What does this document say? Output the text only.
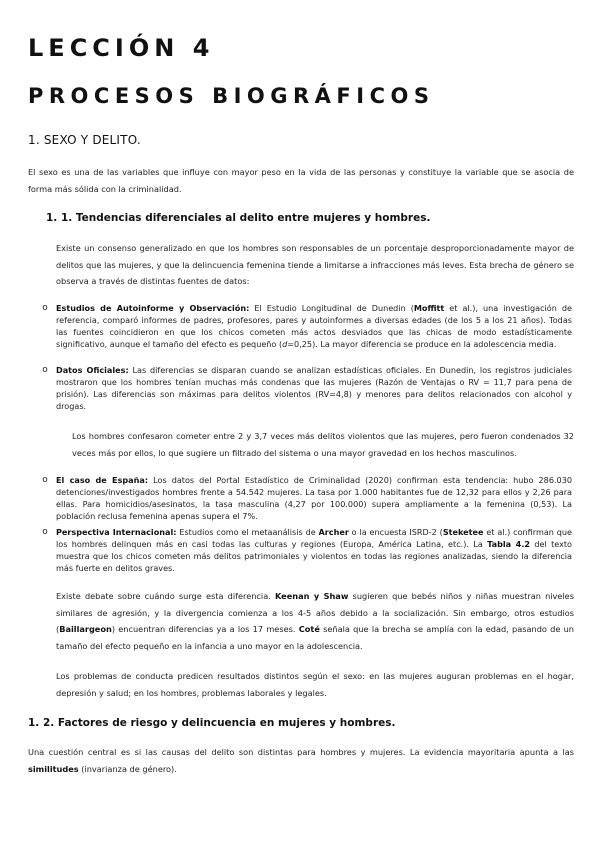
LECCIÓN 4
PROCESOS BIOGRÁFICOS
1. SEXO Y DELITO.

El sexo es una de las variables que influye con mayor peso en la vida de las personas y constituye la variable que se asocia de forma más sólida con la criminalidad.

1. 1. Tendencias diferenciales al delito entre mujeres y hombres.

Existe un consenso generalizado en que los hombres son responsables de un porcentaje desproporcionadamente mayor de delitos que las mujeres, y que la delincuencia femenina tiende a limitarse a infracciones más leves. Esta brecha de género se observa a través de distintas fuentes de datos:

o Estudios de Autoinforme y Observación: El Estudio Longitudinal de Dunedin (Moffitt et al.), una investigación de referencia, comparó informes de padres, profesores, pares y autoinformes a diversas edades (de los 5 a los 21 años). Todas las fuentes coincidieron en que los chicos cometen más actos desviados que las chicas de modo estadísticamente significativo, aunque el tamaño del efecto es pequeño (d=0,25). La mayor diferencia se produce en la adolescencia media.

o Datos Oficiales: Las diferencias se disparan cuando se analizan estadísticas oficiales. En Dunedin, los registros judiciales mostraron que los hombres tenían muchas más condenas que las mujeres (Razón de Ventajas o RV = 11,7 para pena de prisión). Las diferencias son máximas para delitos violentos (RV=4,8) y menores para delitos relacionados con alcohol y drogas.

Los hombres confesaron cometer entre 2 y 3,7 veces más delitos violentos que las mujeres, pero fueron condenados 32 veces más por ellos, lo que sugiere un filtrado del sistema o una mayor gravedad en los hechos masculinos.

o El caso de España: Los datos del Portal Estadístico de Criminalidad (2020) confirman esta tendencia: hubo 286.030 detenciones/investigados hombres frente a 54.542 mujeres. La tasa por 1.000 habitantes fue de 12,32 para ellos y 2,26 para ellas. Para homicidios/asesinatos, la tasa masculina (4,27 por 100.000) supera ampliamente a la femenina (0,53). La población reclusa femenina apenas supera el 7%.

o Perspectiva Internacional: Estudios como el metaanálisis de Archer o la encuesta ISRD-2 (Steketee et al.) confirman que los hombres delinquen más en casi todas las culturas y regiones (Europa, América Latina, etc.). La Tabla 4.2 del texto muestra que los chicos cometen más delitos patrimoniales y violentos en todas las regiones analizadas, siendo la diferencia más fuerte en delitos graves.

Existe debate sobre cuándo surge esta diferencia. Keenan y Shaw sugieren que bebés niños y niñas muestran niveles similares de agresión, y la divergencia comienza a los 4-5 años debido a la socialización. Sin embargo, otros estudios (Baillargeon) encuentran diferencias ya a los 17 meses. Coté señala que la brecha se amplía con la edad, pasando de un tamaño del efecto pequeño en la infancia a uno mayor en la adolescencia.

Los problemas de conducta predicen resultados distintos según el sexo: en las mujeres auguran problemas en el hogar, depresión y salud; en los hombres, problemas laborales y legales.

1. 2. Factores de riesgo y delincuencia en mujeres y hombres.

Una cuestión central es si las causas del delito son distintas para hombres y mujeres. La evidencia mayoritaria apunta a las similitudes (invarianza de género).
